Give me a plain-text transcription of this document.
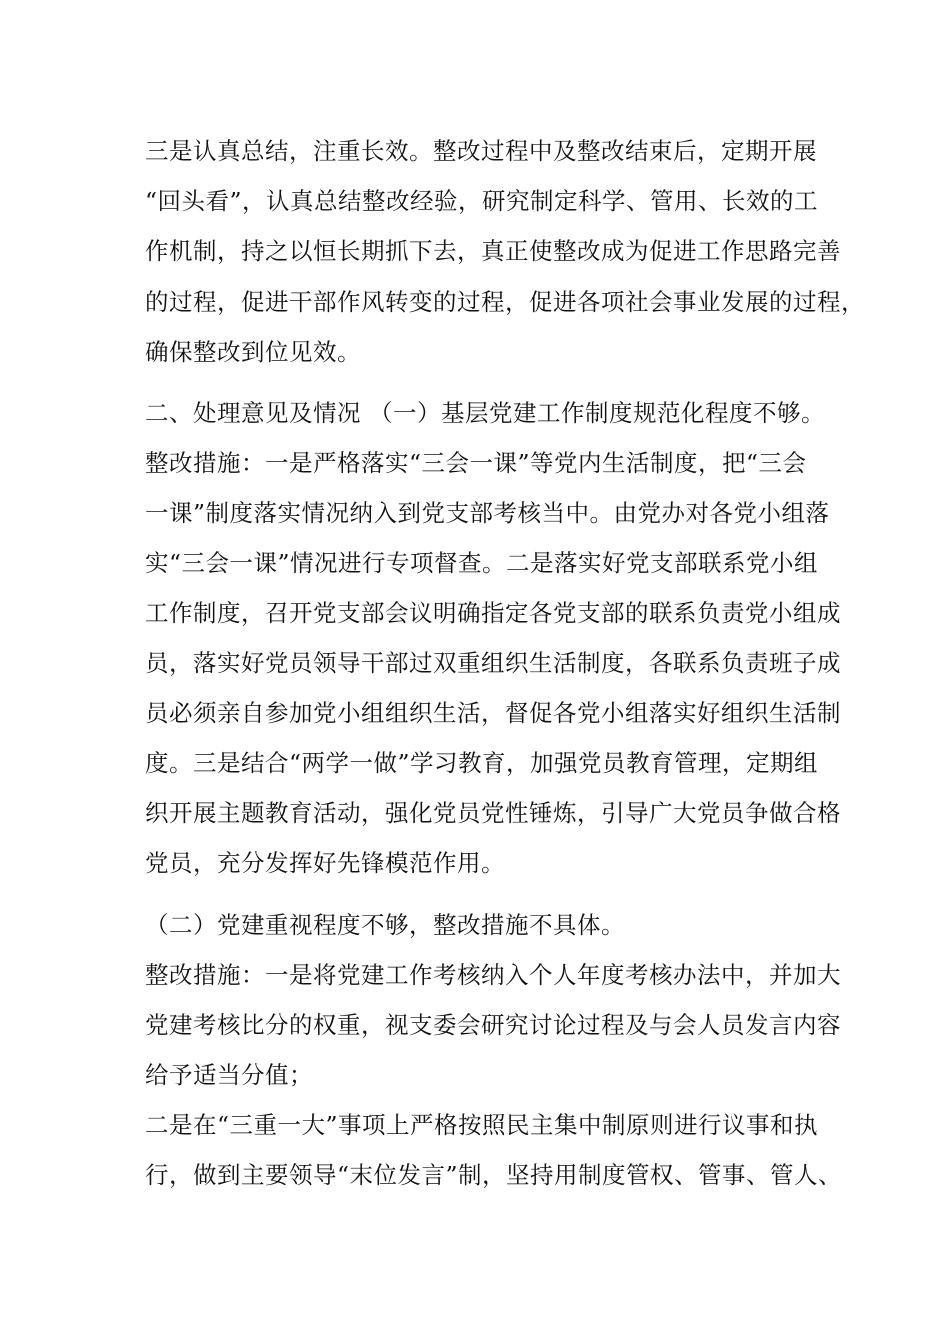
三是认真总结，注重长效。整改过程中及整改结束后，定期开展
“回头看”，认真总结整改经验，研究制定科学、管用、长效的工
作机制，持之以恒长期抓下去，真正使整改成为促进工作思路完善
的过程，促进干部作风转变的过程，促进各项社会事业发展的过程，
确保整改到位见效。
二、处理意见及情况 （一）基层党建工作制度规范化程度不够。
整改措施：一是严格落实“三会一课”等党内生活制度，把“三会
一课”制度落实情况纳入到党支部考核当中。由党办对各党小组落
实“三会一课”情况进行专项督查。二是落实好党支部联系党小组
工作制度，召开党支部会议明确指定各党支部的联系负责党小组成
员，落实好党员领导干部过双重组织生活制度，各联系负责班子成
员必须亲自参加党小组组织生活，督促各党小组落实好组织生活制
度。三是结合“两学一做”学习教育，加强党员教育管理，定期组
织开展主题教育活动，强化党员党性锤炼，引导广大党员争做合格
党员，充分发挥好先锋模范作用。
（二）党建重视程度不够，整改措施不具体。
整改措施：一是将党建工作考核纳入个人年度考核办法中，并加大
党建考核比分的权重，视支委会研究讨论过程及与会人员发言内容
给予适当分值；
二是在“三重一大”事项上严格按照民主集中制原则进行议事和执
行，做到主要领导“末位发言”制，坚持用制度管权、管事、管人、
